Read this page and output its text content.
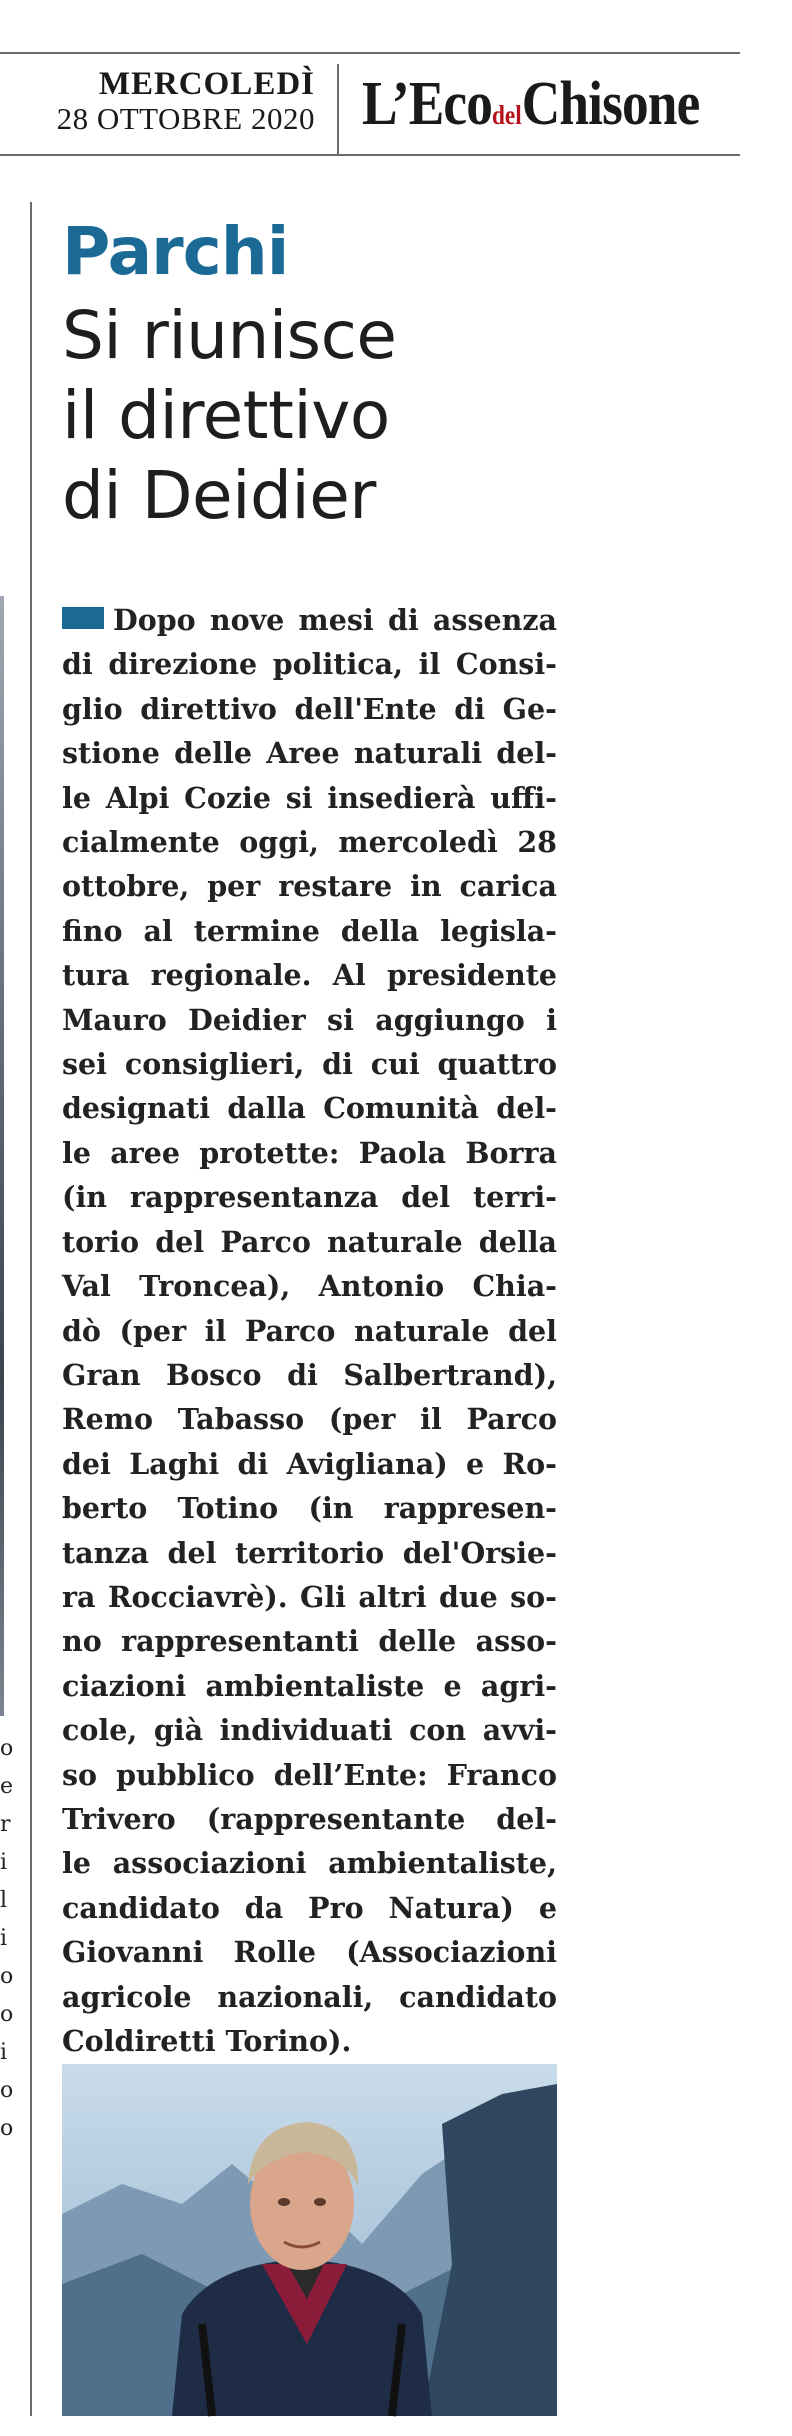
MERCOLEDÌ
28 OTTOBRE 2020 L’EcodelChisone
o
e
r
i
l
i
o
o
i
o
o
Parchi
Si riunisce
il direttivo
di Deidier
Dopo nove mesi di assenza
di direzione politica, il Consi-
glio direttivo dell'Ente di Ge-
stione delle Aree naturali del-
le Alpi Cozie si insedierà uffi-
cialmente oggi, mercoledì 28
ottobre, per restare in carica
fino al termine della legisla-
tura regionale. Al presidente
Mauro Deidier si aggiungo i
sei consiglieri, di cui quattro
designati dalla Comunità del-
le aree protette: Paola Borra
(in rappresentanza del terri-
torio del Parco naturale della
Val Troncea), Antonio Chia-
dò (per il Parco naturale del
Gran Bosco di Salbertrand),
Remo Tabasso (per il Parco
dei Laghi di Avigliana) e Ro-
berto Totino (in rappresen-
tanza del territorio del'Orsie-
ra Rocciavrè). Gli altri due so-
no rappresentanti delle asso-
ciazioni ambientaliste e agri-
cole, già individuati con avvi-
so pubblico dell’Ente: Franco
Trivero (rappresentante del-
le associazioni ambientaliste,
candidato da Pro Natura) e
Giovanni Rolle (Associazioni
agricole nazionali, candidato
Coldiretti Torino).
